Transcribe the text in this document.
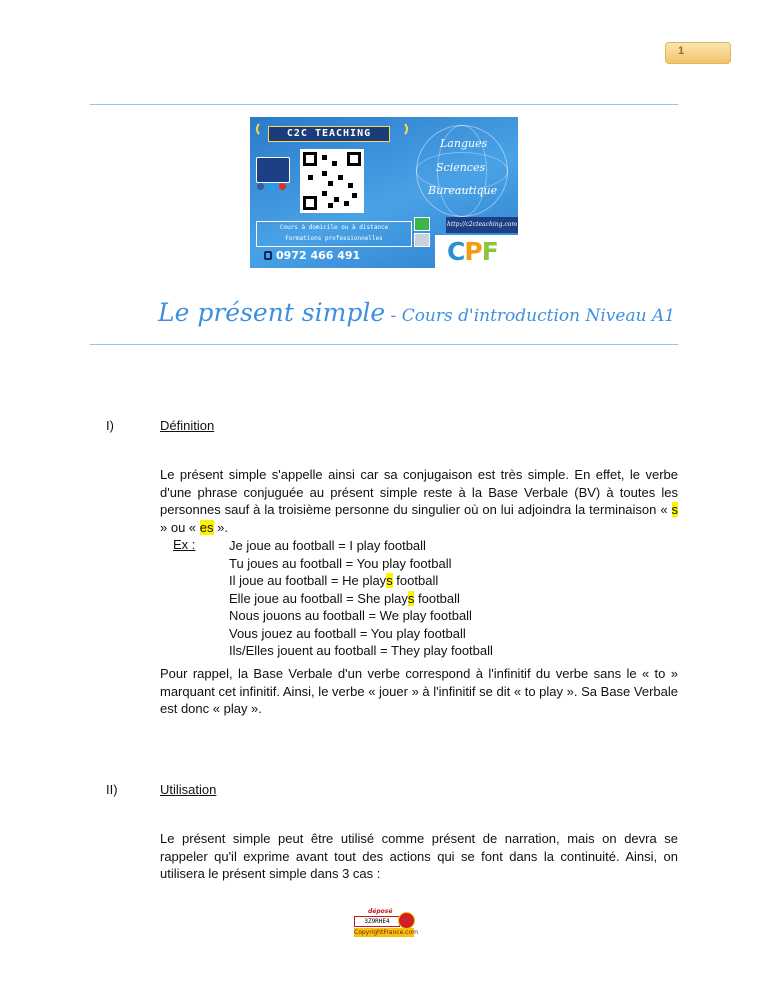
1
C2C TEACHING
Langues
Sciences
Bureautique
Cours à domicile ou à distance
Formations professionnelles
0972 466 491
http://c2cteaching.com
CPF
Le présent simple - Cours d'introduction Niveau A1
I)	Définition

Le présent simple s'appelle ainsi car sa conjugaison est très simple. En effet, le verbe d'une phrase conjuguée au présent simple reste à la Base Verbale (BV) à toutes les personnes sauf à la troisième personne du singulier où on lui adjoindra la terminaison « s » ou « es ».

Ex :	Je joue au football = I play football
Tu joues au football = You play football
Il joue au football = He plays football
Elle joue au football = She plays football
Nous jouons au football = We play football
Vous jouez au football = You play football
Ils/Elles jouent au football = They play football

Pour rappel, la Base Verbale d'un verbe correspond à l'infinitif du verbe sans le « to » marquant cet infinitif. Ainsi, le verbe « jouer » à l'infinitif se dit « to play ». Sa Base Verbale est donc « play ».

II)	Utilisation

Le présent simple peut être utilisé comme présent de narration, mais on devra se rappeler qu'il exprime avant tout des actions qui se font dans la continuité. Ainsi, on utilisera le présent simple dans 3 cas :

déposé
3Z9RHE4
CopyrightFrance.com
